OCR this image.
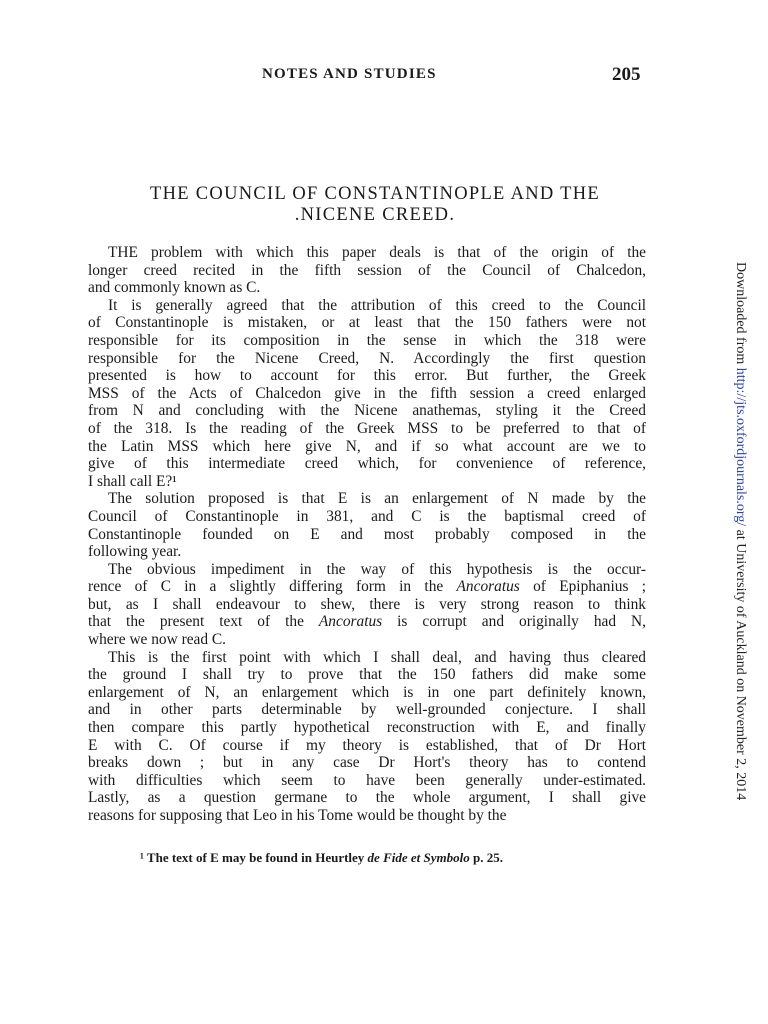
NOTES AND STUDIES	205
THE COUNCIL OF CONSTANTINOPLE AND THE
.NICENE CREED.
THE problem with which this paper deals is that of the origin of the
longer creed recited in the fifth session of the Council of Chalcedon,
and commonly known as C.
It is generally agreed that the attribution of this creed to the Council
of Constantinople is mistaken, or at least that the 150 fathers were not
responsible for its composition in the sense in which the 318 were
responsible for the Nicene Creed, N. Accordingly the first question
presented is how to account for this error. But further, the Greek
MSS of the Acts of Chalcedon give in the fifth session a creed enlarged
from N and concluding with the Nicene anathemas, styling it the Creed
of the 318. Is the reading of the Greek MSS to be preferred to that of
the Latin MSS which here give N, and if so what account are we to
give of this intermediate creed which, for convenience of reference,
I shall call E?¹
The solution proposed is that E is an enlargement of N made by the
Council of Constantinople in 381, and C is the baptismal creed of
Constantinople founded on E and most probably composed in the
following year.
The obvious impediment in the way of this hypothesis is the occur-
rence of C in a slightly differing form in the Ancoratus of Epiphanius ;
but, as I shall endeavour to shew, there is very strong reason to think
that the present text of the Ancoratus is corrupt and originally had N,
where we now read C.
This is the first point with which I shall deal, and having thus cleared
the ground I shall try to prove that the 150 fathers did make some
enlargement of N, an enlargement which is in one part definitely known,
and in other parts determinable by well-grounded conjecture. I shall
then compare this partly hypothetical reconstruction with E, and finally
E with C. Of course if my theory is established, that of Dr Hort
breaks down ; but in any case Dr Hort's theory has to contend
with difficulties which seem to have been generally under-estimated.
Lastly, as a question germane to the whole argument, I shall give
reasons for supposing that Leo in his Tome would be thought by the
¹ The text of E may be found in Heurtley de Fide et Symbolo p. 25.
Downloaded from http://jts.oxfordjournals.org/ at University of Auckland on November 2, 2014
